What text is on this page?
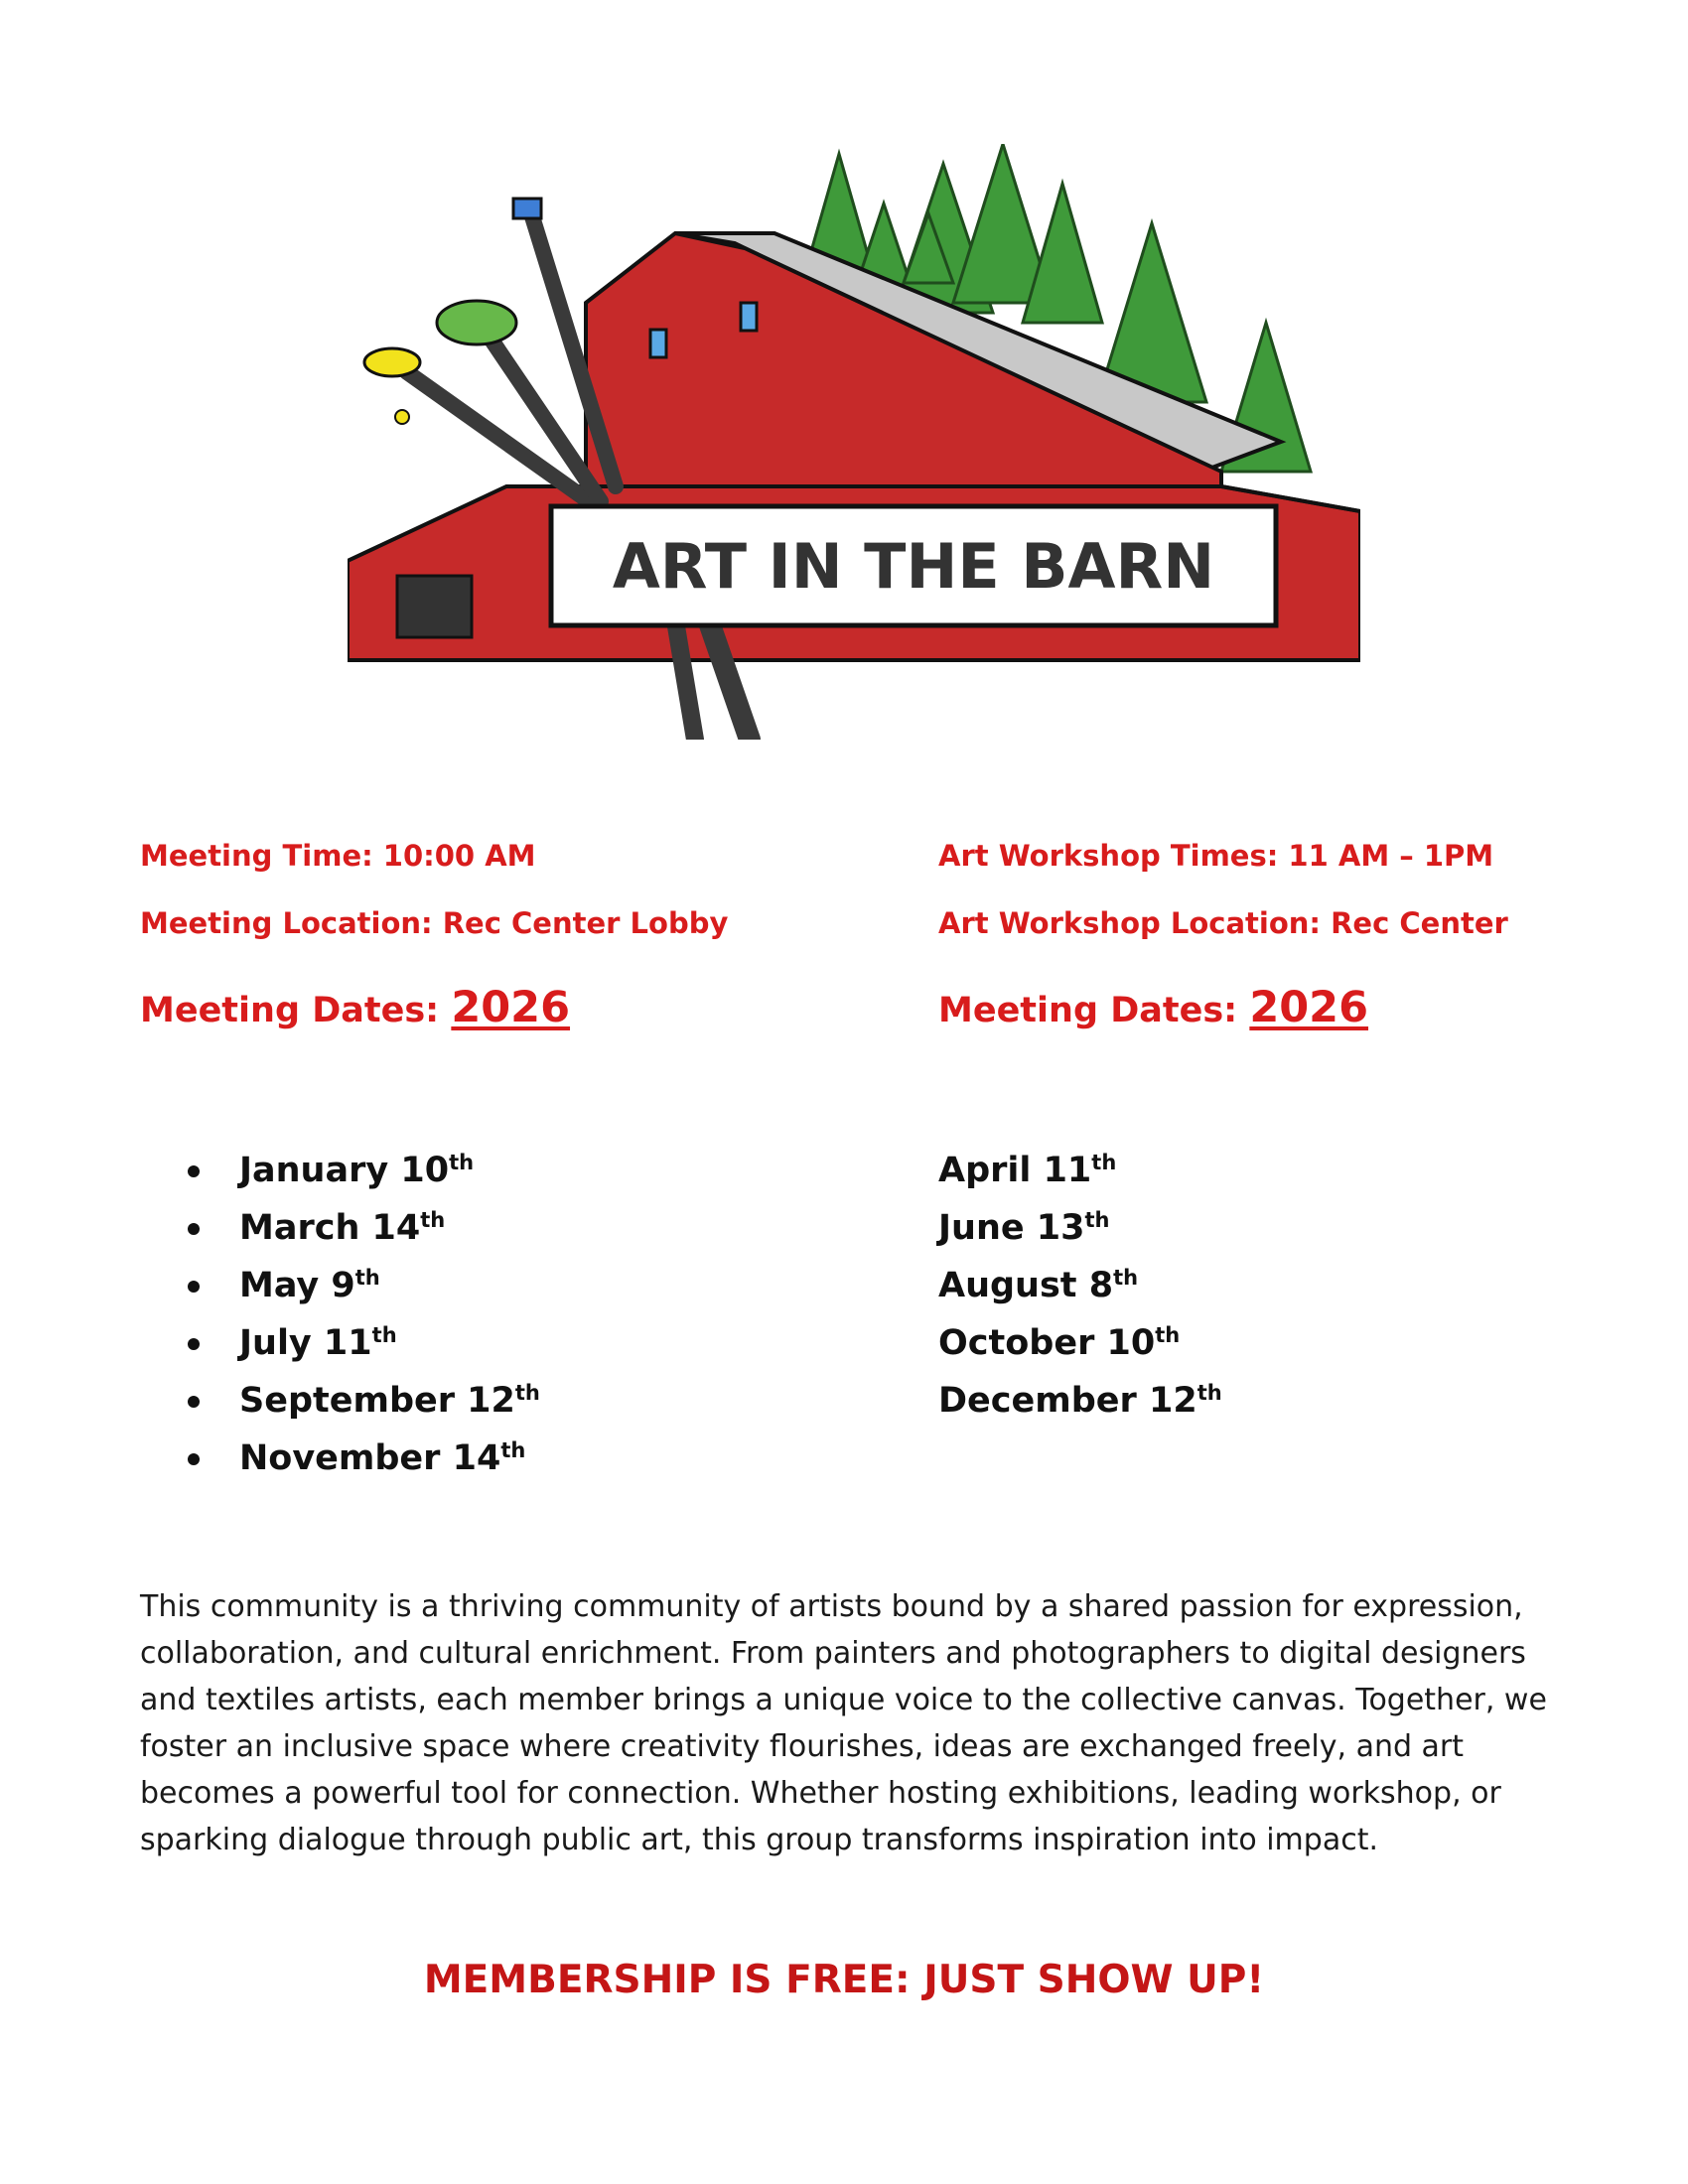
ART IN THE BARN
Meeting Time: 10:00 AM
Meeting Location: Rec Center Lobby
Meeting Dates: 2026
Art Workshop Times: 11 AM – 1PM
Art Workshop Location: Rec Center
Meeting Dates: 2026
January 10th
March 14th
May 9th
July 11th
September 12th
November 14th
April 11th
June 13th
August 8th
October 10th
December 12th

This community is a thriving community of artists bound by a shared passion for expression, collaboration, and cultural enrichment. From painters and photographers to digital designers and textiles artists, each member brings a unique voice to the collective canvas. Together, we foster an inclusive space where creativity flourishes, ideas are exchanged freely, and art becomes a powerful tool for connection. Whether hosting exhibitions, leading workshop, or sparking dialogue through public art, this group transforms inspiration into impact.

MEMBERSHIP IS FREE: JUST SHOW UP!
